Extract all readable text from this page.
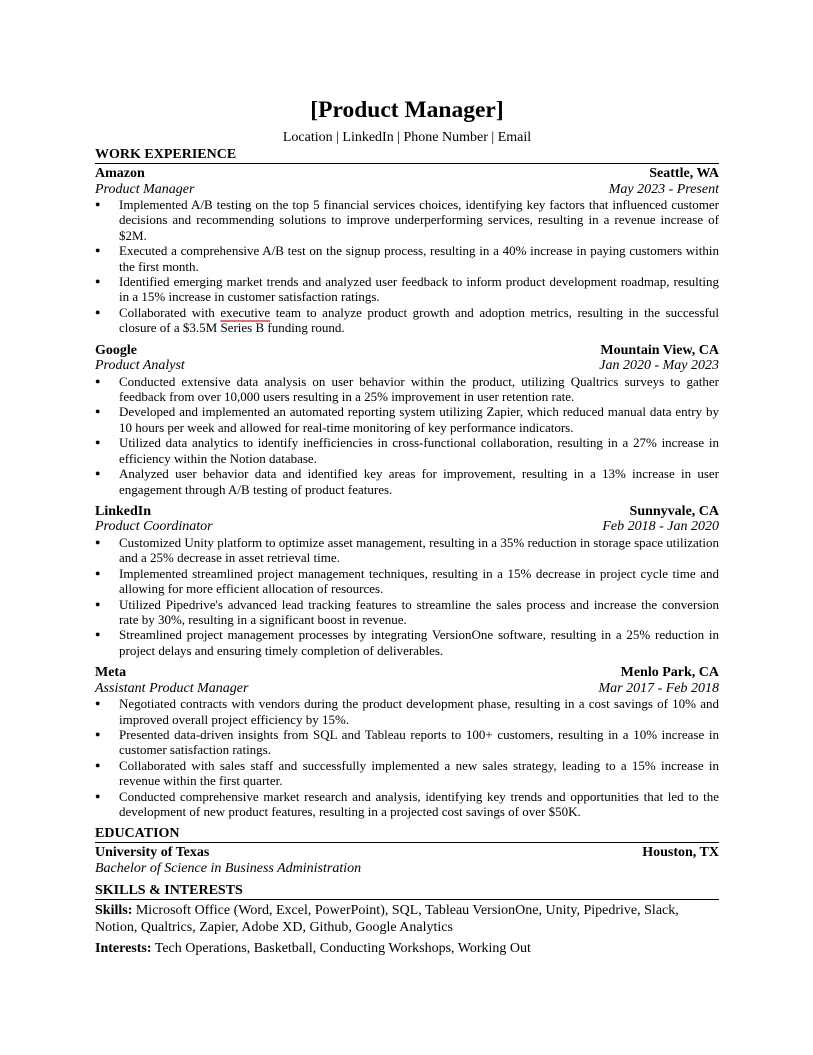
[Product Manager]
Location | LinkedIn | Phone Number | Email
WORK EXPERIENCE
Amazon	Seattle, WA
Product Manager	May 2023 - Present
● Implemented A/B testing on the top 5 financial services choices, identifying key factors that influenced customer decisions and recommending solutions to improve underperforming services, resulting in a revenue increase of $2M.
● Executed a comprehensive A/B test on the signup process, resulting in a 40% increase in paying customers within the first month.
● Identified emerging market trends and analyzed user feedback to inform product development roadmap, resulting in a 15% increase in customer satisfaction ratings.
● Collaborated with executive team to analyze product growth and adoption metrics, resulting in the successful closure of a $3.5M Series B funding round.
Google	Mountain View, CA
Product Analyst	Jan 2020 - May 2023
● Conducted extensive data analysis on user behavior within the product, utilizing Qualtrics surveys to gather feedback from over 10,000 users resulting in a 25% improvement in user retention rate.
● Developed and implemented an automated reporting system utilizing Zapier, which reduced manual data entry by 10 hours per week and allowed for real-time monitoring of key performance indicators.
● Utilized data analytics to identify inefficiencies in cross-functional collaboration, resulting in a 27% increase in efficiency within the Notion database.
● Analyzed user behavior data and identified key areas for improvement, resulting in a 13% increase in user engagement through A/B testing of product features.
LinkedIn	Sunnyvale, CA
Product Coordinator	Feb 2018 - Jan 2020
● Customized Unity platform to optimize asset management, resulting in a 35% reduction in storage space utilization and a 25% decrease in asset retrieval time.
● Implemented streamlined project management techniques, resulting in a 15% decrease in project cycle time and allowing for more efficient allocation of resources.
● Utilized Pipedrive's advanced lead tracking features to streamline the sales process and increase the conversion rate by 30%, resulting in a significant boost in revenue.
● Streamlined project management processes by integrating VersionOne software, resulting in a 25% reduction in project delays and ensuring timely completion of deliverables.
Meta	Menlo Park, CA
Assistant Product Manager	Mar 2017 - Feb 2018
● Negotiated contracts with vendors during the product development phase, resulting in a cost savings of 10% and improved overall project efficiency by 15%.
● Presented data-driven insights from SQL and Tableau reports to 100+ customers, resulting in a 10% increase in customer satisfaction ratings.
● Collaborated with sales staff and successfully implemented a new sales strategy, leading to a 15% increase in revenue within the first quarter.
● Conducted comprehensive market research and analysis, identifying key trends and opportunities that led to the development of new product features, resulting in a projected cost savings of over $50K.
EDUCATION
University of Texas	Houston, TX
Bachelor of Science in Business Administration
SKILLS & INTERESTS
Skills: Microsoft Office (Word, Excel, PowerPoint), SQL, Tableau VersionOne, Unity, Pipedrive, Slack, Notion, Qualtrics, Zapier, Adobe XD, Github, Google Analytics
Interests: Tech Operations, Basketball, Conducting Workshops, Working Out
